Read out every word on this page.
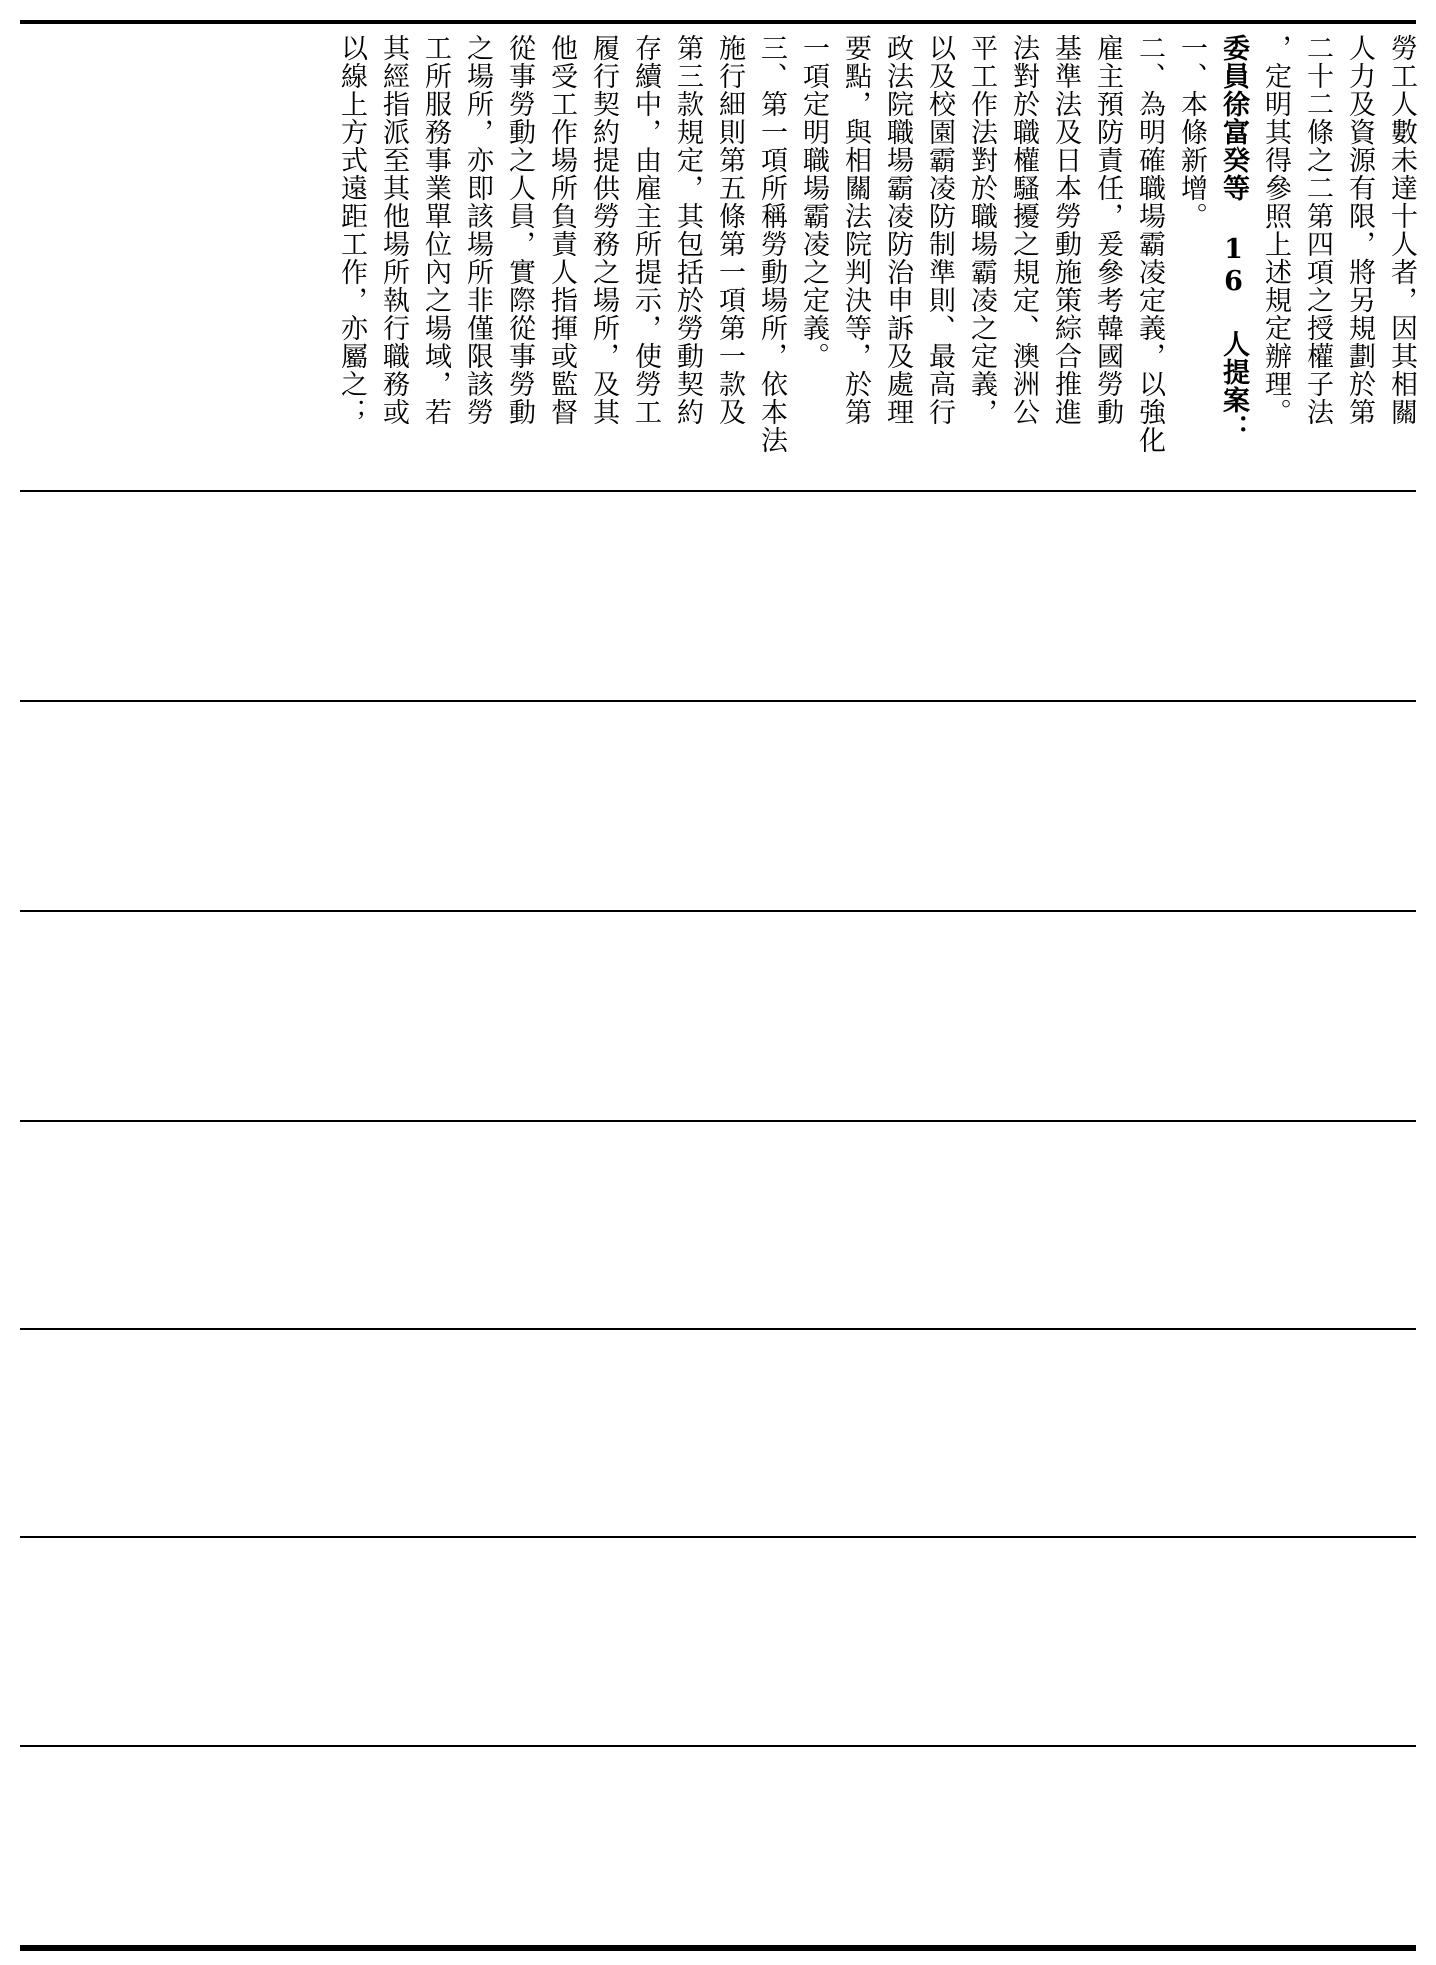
勞工人數未達十人者，因其相關
人力及資源有限，將另規劃於第
二十二條之二第四項之授權子法
，定明其得參照上述規定辦理。
委員徐富癸等 16 人提案：
一、本條新增。
二、為明確職場霸凌定義，以強化
雇主預防責任，爰參考韓國勞動
基準法及日本勞動施策綜合推進
法對於職權騷擾之規定、澳洲公
平工作法對於職場霸凌之定義，
以及校園霸凌防制準則、最高行
政法院職場霸凌防治申訴及處理
要點，與相關法院判決等，於第
一項定明職場霸凌之定義。
三、第一項所稱勞動場所，依本法
施行細則第五條第一項第一款及
第三款規定，其包括於勞動契約
存續中，由雇主所提示，使勞工
履行契約提供勞務之場所，及其
他受工作場所負責人指揮或監督
從事勞動之人員，實際從事勞動
之場所，亦即該場所非僅限該勞
工所服務事業單位內之場域，若
其經指派至其他場所執行職務或
以線上方式遠距工作，亦屬之；
